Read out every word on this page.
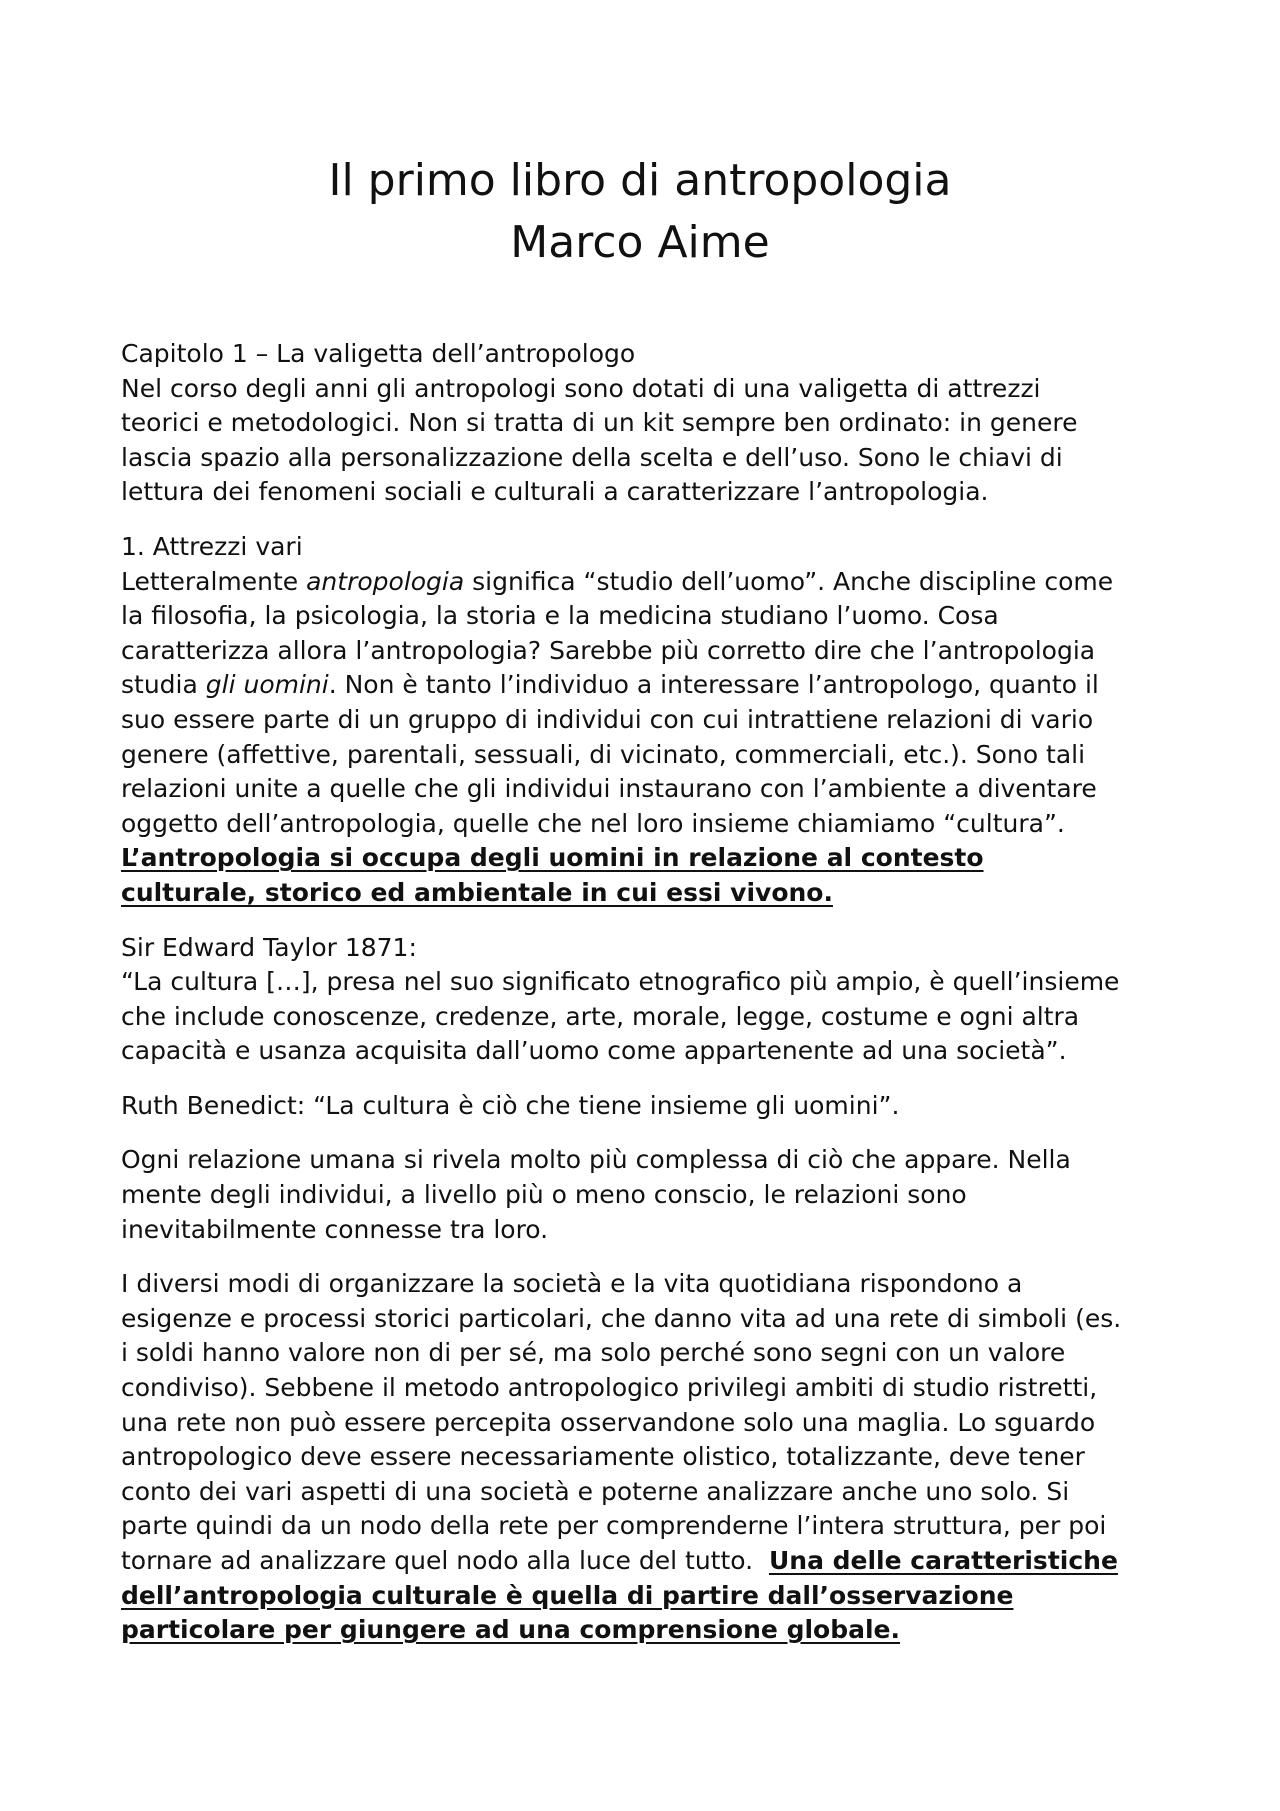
Il primo libro di antropologia
Marco Aime

Capitolo 1 – La valigetta dell’antropologo

Nel corso degli anni gli antropologi sono dotati di una valigetta di attrezzi

teorici e metodologici. Non si tratta di un kit sempre ben ordinato: in genere

lascia spazio alla personalizzazione della scelta e dell’uso. Sono le chiavi di

lettura dei fenomeni sociali e culturali a caratterizzare l’antropologia.

1. Attrezzi vari

Letteralmente antropologia significa “studio dell’uomo”. Anche discipline come

la filosofia, la psicologia, la storia e la medicina studiano l’uomo. Cosa

caratterizza allora l’antropologia? Sarebbe più corretto dire che l’antropologia

studia gli uomini. Non è tanto l’individuo a interessare l’antropologo, quanto il

suo essere parte di un gruppo di individui con cui intrattiene relazioni di vario

genere (affettive, parentali, sessuali, di vicinato, commerciali, etc.). Sono tali

relazioni unite a quelle che gli individui instaurano con l’ambiente a diventare

oggetto dell’antropologia, quelle che nel loro insieme chiamiamo “cultura”.

L’antropologia si occupa degli uomini in relazione al contesto

culturale, storico ed ambientale in cui essi vivono.

Sir Edward Taylor 1871:

“La cultura […], presa nel suo significato etnografico più ampio, è quell’insieme

che include conoscenze, credenze, arte, morale, legge, costume e ogni altra

capacità e usanza acquisita dall’uomo come appartenente ad una società”.

Ruth Benedict: “La cultura è ciò che tiene insieme gli uomini”.

Ogni relazione umana si rivela molto più complessa di ciò che appare. Nella

mente degli individui, a livello più o meno conscio, le relazioni sono

inevitabilmente connesse tra loro.

I diversi modi di organizzare la società e la vita quotidiana rispondono a

esigenze e processi storici particolari, che danno vita ad una rete di simboli (es.

i soldi hanno valore non di per sé, ma solo perché sono segni con un valore

condiviso). Sebbene il metodo antropologico privilegi ambiti di studio ristretti,

una rete non può essere percepita osservandone solo una maglia. Lo sguardo

antropologico deve essere necessariamente olistico, totalizzante, deve tener

conto dei vari aspetti di una società e poterne analizzare anche uno solo. Si

parte quindi da un nodo della rete per comprenderne l’intera struttura, per poi

tornare ad analizzare quel nodo alla luce del tutto.  Una delle caratteristiche

dell’antropologia culturale è quella di partire dall’osservazione

particolare per giungere ad una comprensione globale.
